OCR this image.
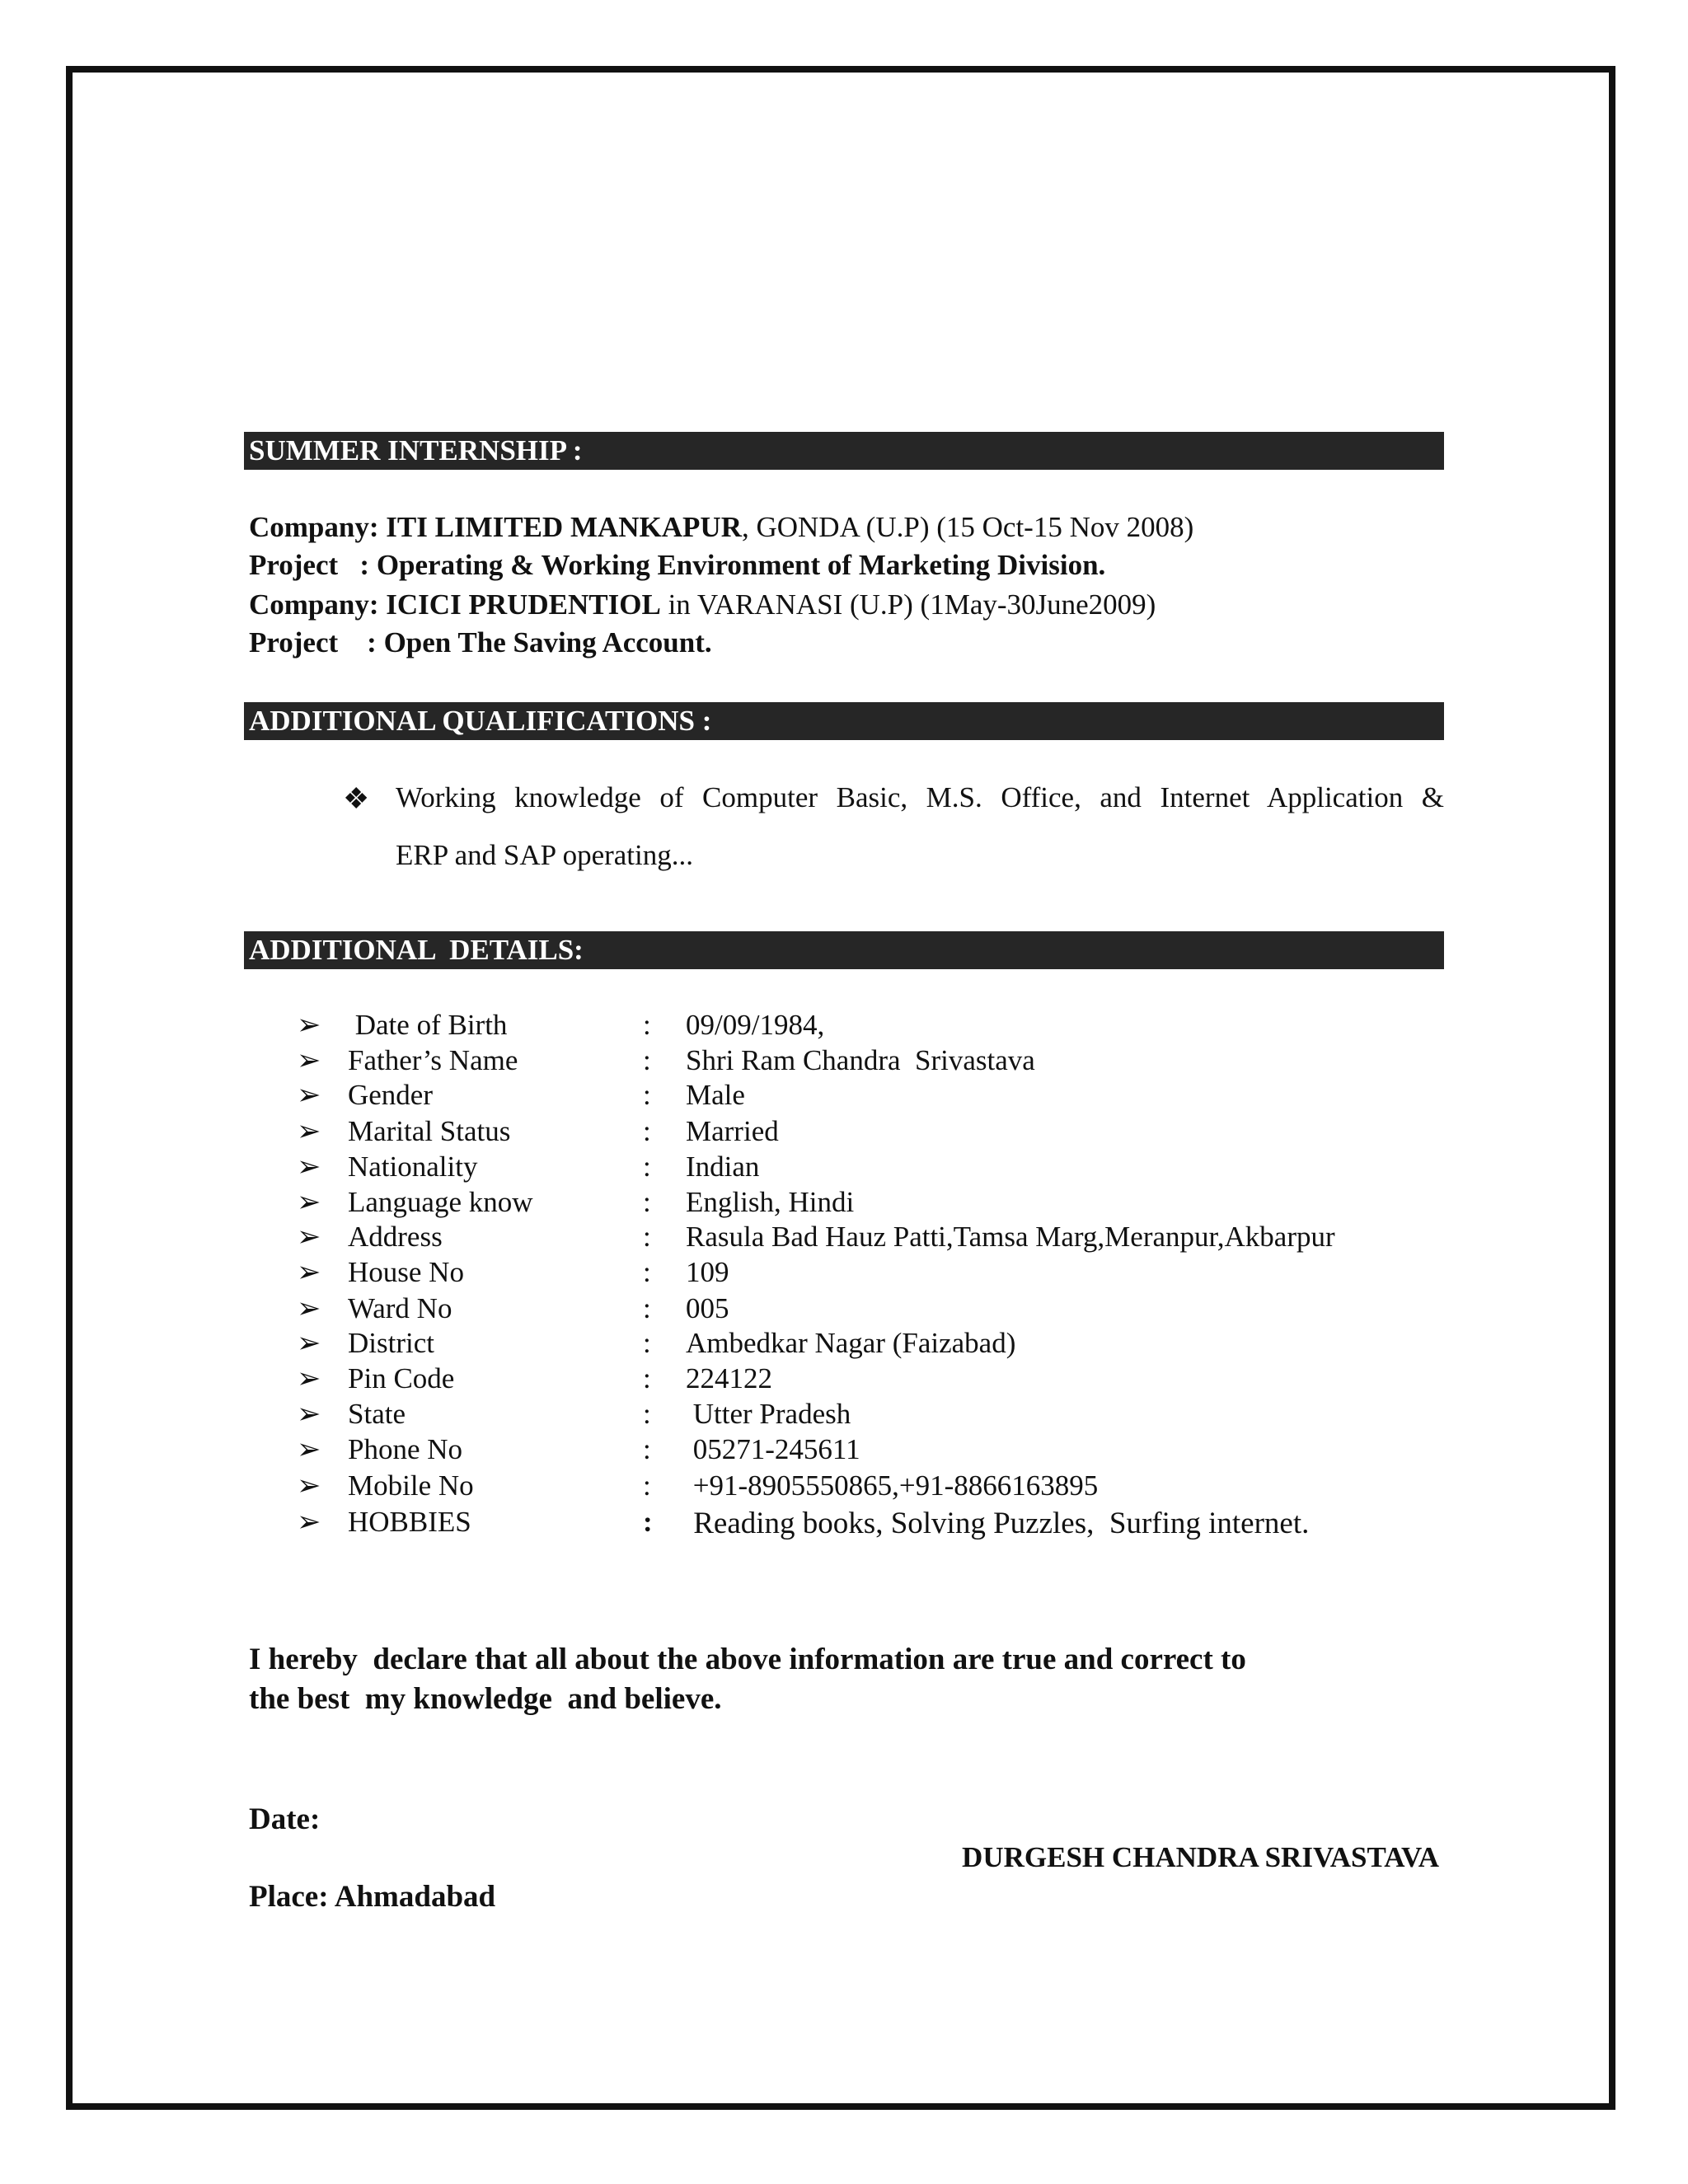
SUMMER INTERNSHIP :
Company: ITI LIMITED MANKAPUR, GONDA (U.P) (15 Oct-15 Nov 2008)
Project   : Operating & Working Environment of Marketing Division.
Company: ICICI PRUDENTIOL in VARANASI (U.P) (1May-30June2009)
Project    : Open The Saving Account.
ADDITIONAL QUALIFICATIONS :
❖ Working knowledge of Computer Basic, M.S. Office, and Internet Application &
ERP and SAP operating...
ADDITIONAL  DETAILS:
➢ Date of Birth	: 09/09/1984,
➢ Father’s Name	: Shri Ram Chandra  Srivastava
➢ Gender	: Male
➢ Marital Status	: Married
➢ Nationality	: Indian
➢ Language know	: English, Hindi
➢ Address	: Rasula Bad Hauz Patti,Tamsa Marg,Meranpur,Akbarpur
➢ House No	: 109
➢ Ward No	: 005
➢ District	: Ambedkar Nagar (Faizabad)
➢ Pin Code	: 224122
➢ State	: Utter Pradesh
➢ Phone No	: 05271-245611
➢ Mobile No	: +91-8905550865,+91-8866163895
➢ HOBBIES	: Reading books, Solving Puzzles,  Surfing internet.
I hereby  declare that all about the above information are true and correct to
the best  my knowledge  and believe.
Date:
DURGESH CHANDRA SRIVASTAVA
Place: Ahmadabad
